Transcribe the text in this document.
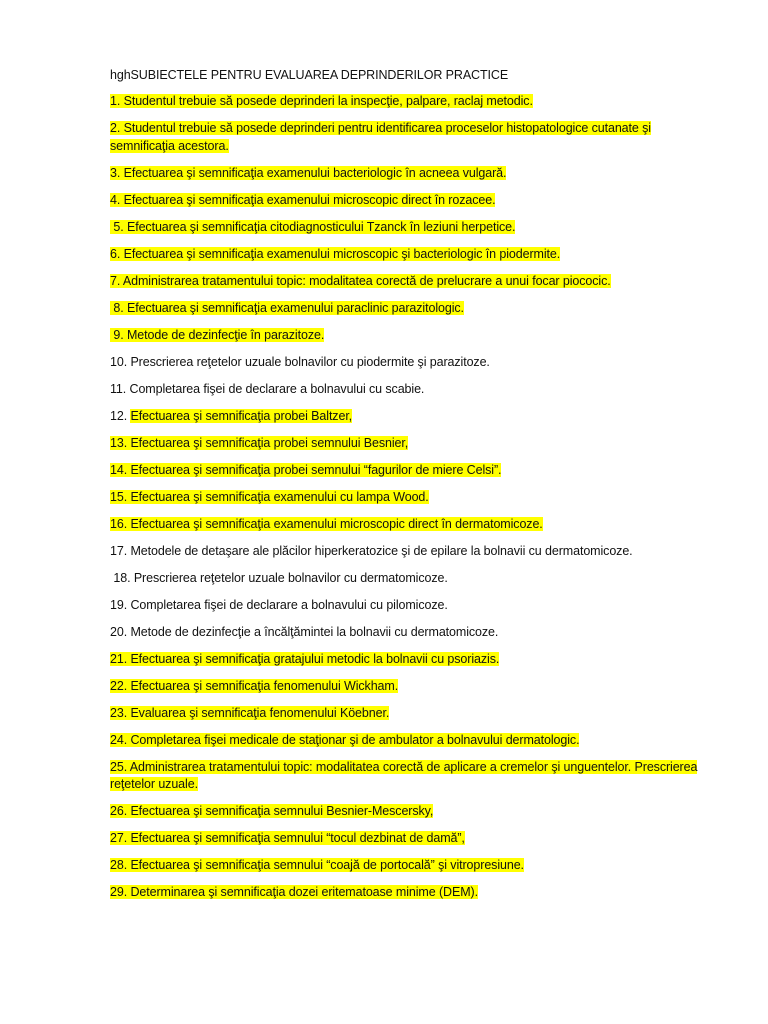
hghSUBIECTELE PENTRU EVALUAREA DEPRINDERILOR PRACTICE
1. Studentul trebuie să posede deprinderi la inspecţie, palpare, raclaj metodic.
2. Studentul trebuie să posede deprinderi pentru identificarea proceselor histopatologice cutanate şi semnificaţia acestora.
3. Efectuarea şi semnificaţia examenului bacteriologic în acneea vulgară.
4. Efectuarea şi semnificaţia examenului microscopic direct în rozacee.
5. Efectuarea şi semnificaţia citodiagnosticului Tzanck în leziuni herpetice.
6. Efectuarea şi semnificaţia examenului microscopic şi bacteriologic în piodermite.
7. Administrarea tratamentului topic: modalitatea corectă de prelucrare a unui focar piococic.
8. Efectuarea şi semnificaţia examenului paraclinic parazitologic.
9. Metode de dezinfecţie în parazitoze.
10. Prescrierea reţetelor uzuale bolnavilor cu piodermite şi parazitoze.
11. Completarea fişei de declarare a bolnavului cu scabie.
12. Efectuarea şi semnificaţia probei Baltzer,
13. Efectuarea şi semnificaţia probei semnului Besnier,
14. Efectuarea şi semnificaţia probei semnului “fagurilor de miere Celsi”.
15. Efectuarea şi semnificaţia examenului cu lampa Wood.
16. Efectuarea şi semnificaţia examenului microscopic direct în dermatomicoze.
17. Metodele de detaşare ale plăcilor hiperkeratozice şi de epilare la bolnavii cu dermatomicoze.
18. Prescrierea reţetelor uzuale bolnavilor cu dermatomicoze.
19. Completarea fişei de declarare a bolnavului cu pilomicoze.
20. Metode de dezinfecţie a încălţămintei la bolnavii cu dermatomicoze.
21. Efectuarea şi semnificaţia gratajului metodic la bolnavii cu psoriazis.
22. Efectuarea şi semnificaţia fenomenului Wickham.
23. Evaluarea şi semnificaţia fenomenului Köebner.
24. Completarea fişei medicale de staţionar şi de ambulator a bolnavului dermatologic.
25. Administrarea tratamentului topic: modalitatea corectă de aplicare a cremelor şi unguentelor. Prescrierea reţetelor uzuale.
26. Efectuarea şi semnificaţia semnului Besnier-Mescersky,
27. Efectuarea şi semnificaţia semnului “tocul dezbinat de damă”,
28. Efectuarea şi semnificaţia semnului “coajă de portocală” şi vitropresiune.
29. Determinarea şi semnificaţia dozei eritematoase minime (DEM).
